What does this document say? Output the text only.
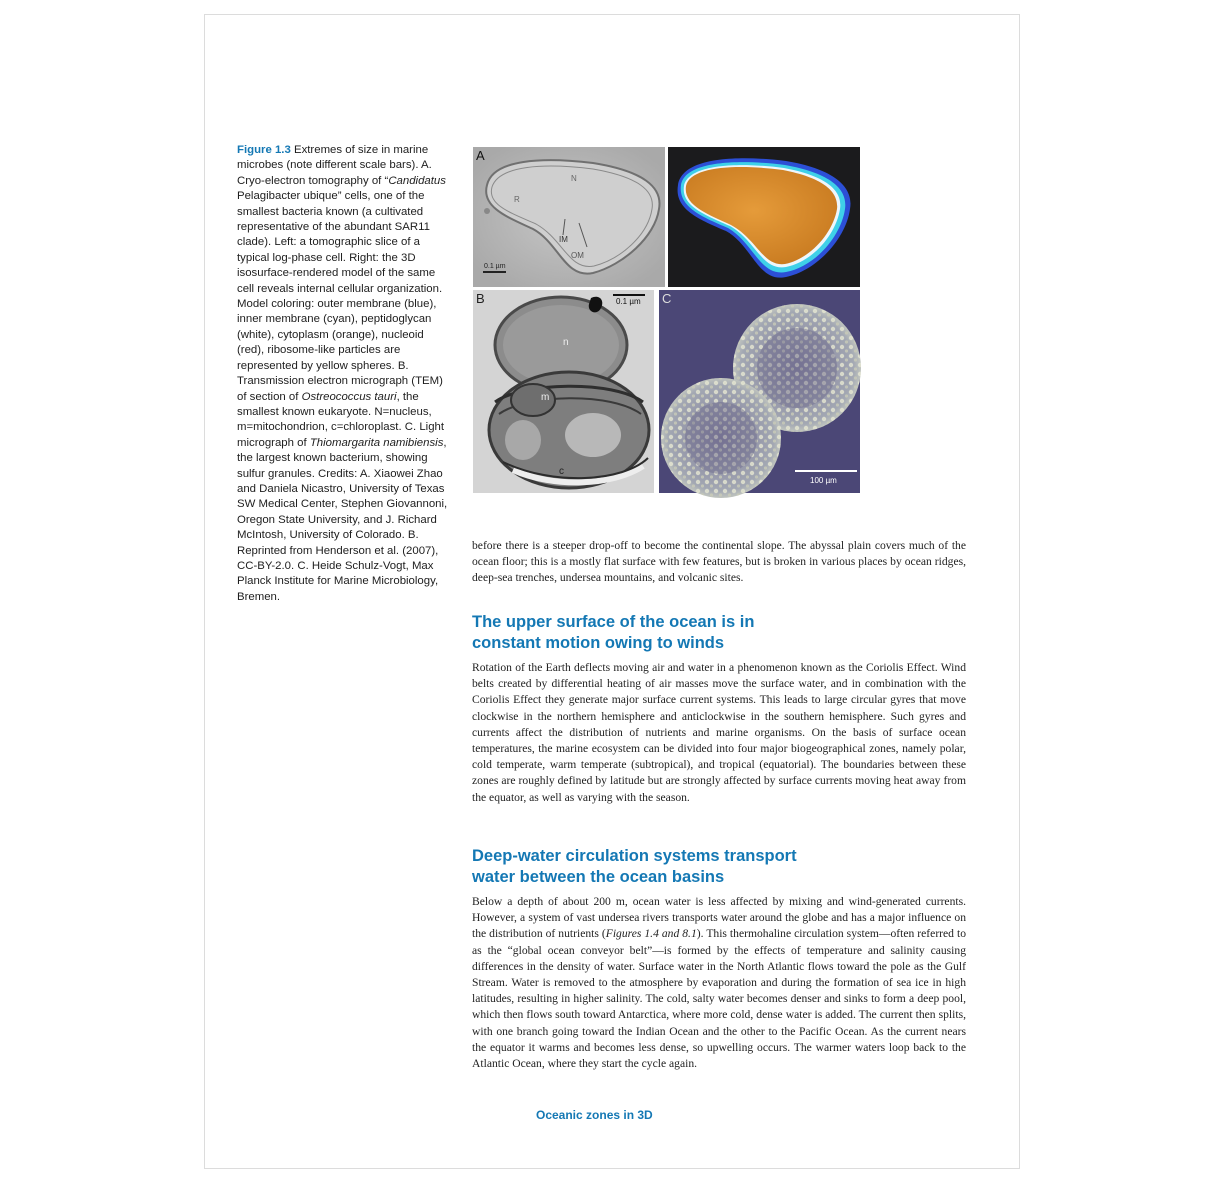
Figure 1.3 Extremes of size in marine microbes (note different scale bars). A. Cryo-electron tomography of “Candidatus Pelagibacter ubique” cells, one of the smallest bacteria known (a cultivated representative of the abundant SAR11 clade). Left: a tomographic slice of a typical log-phase cell. Right: the 3D isosurface-rendered model of the same cell reveals internal cellular organization. Model coloring: outer membrane (blue), inner membrane (cyan), peptidoglycan (white), cytoplasm (orange), nucleoid (red), ribosome-like particles are represented by yellow spheres. B. Transmission electron micrograph (TEM) of section of Ostreococcus tauri, the smallest known eukaryote. N=nucleus, m=mitochondrion, c=chloroplast. C. Light micrograph of Thiomargarita namibiensis, the largest known bacterium, showing sulfur granules. Credits: A. Xiaowei Zhao and Daniela Nicastro, University of Texas SW Medical Center, Stephen Giovannoni, Oregon State University, and J. Richard McIntosh, University of Colorado. B. Reprinted from Henderson et al. (2007), CC-BY-2.0. C. Heide Schulz-Vogt, Max Planck Institute for Marine Microbiology, Bremen.
A
N
R
IM
OM
0.1 µm
B	0.1 µm
n
m
c
C
100 µm
before there is a steeper drop-off to become the continental slope. The abyssal plain covers much of the ocean floor; this is a mostly flat surface with few features, but is broken in various places by ocean ridges, deep-sea trenches, undersea mountains, and volcanic sites.
The upper surface of the ocean is in
constant motion owing to winds
Rotation of the Earth deflects moving air and water in a phenomenon known as the Coriolis Effect. Wind belts created by differential heating of air masses move the surface water, and in combination with the Coriolis Effect they generate major surface current systems. This leads to large circular gyres that move clockwise in the northern hemisphere and anticlockwise in the southern hemisphere. Such gyres and currents affect the distribution of nutrients and marine organisms. On the basis of surface ocean temperatures, the marine ecosystem can be divided into four major biogeographical zones, namely polar, cold temperate, warm temperate (subtropical), and tropical (equatorial). The boundaries between these zones are roughly defined by latitude but are strongly affected by surface currents moving heat away from the equator, as well as varying with the season.
Deep-water circulation systems transport
water between the ocean basins
Below a depth of about 200 m, ocean water is less affected by mixing and wind-generated currents. However, a system of vast undersea rivers transports water around the globe and has a major influence on the distribution of nutrients (Figures 1.4 and 8.1). This thermohaline circulation system—often referred to as the “global ocean conveyor belt”—is formed by the effects of temperature and salinity causing differences in the density of water. Surface water in the North Atlantic flows toward the pole as the Gulf Stream. Water is removed to the atmosphere by evaporation and during the formation of sea ice in high latitudes, resulting in higher salinity. The cold, salty water becomes denser and sinks to form a deep pool, which then flows south toward Antarctica, where more cold, dense water is added. The current then splits, with one branch going toward the Indian Ocean and the other to the Pacific Ocean. As the current nears the equator it warms and becomes less dense, so upwelling occurs. The warmer waters loop back to the Atlantic Ocean, where they start the cycle again.
$^{Oceanic zones in 3D}$
